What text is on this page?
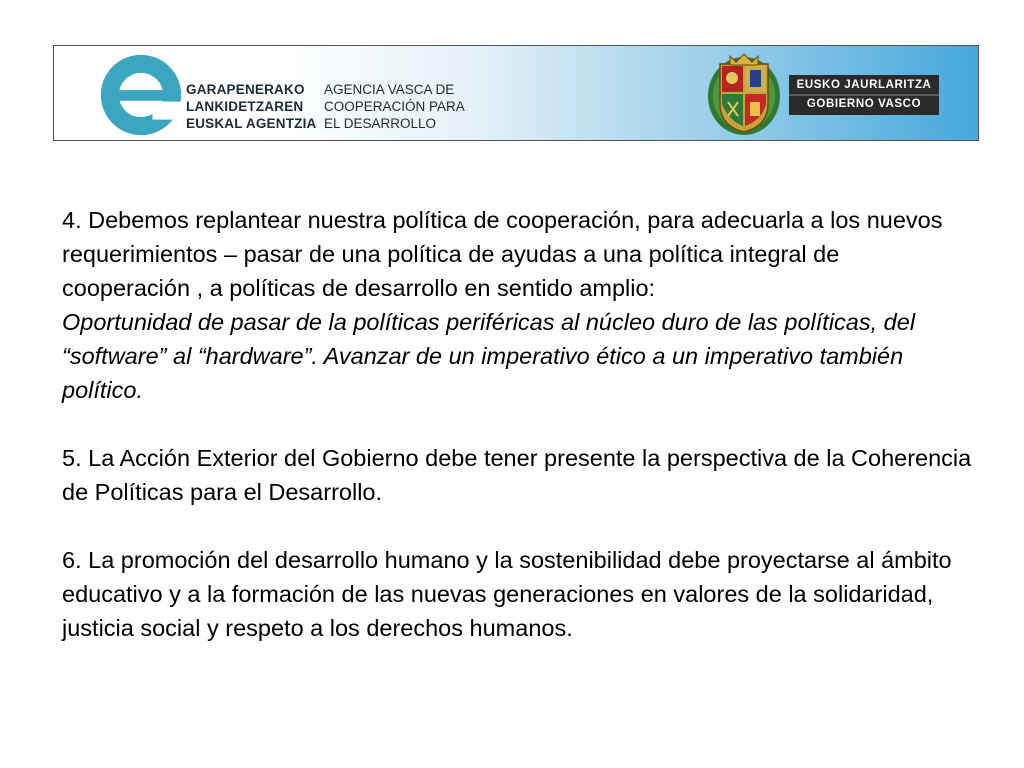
GARAPENERAKO
LANKIDETZAREN
EUSKAL AGENTZIA
AGENCIA VASCA DE
COOPERACIÓN PARA
EL DESARROLLO
EUSKO JAURLARITZA
GOBIERNO VASCO

4. Debemos replantear nuestra política de cooperación, para adecuarla a los nuevos requerimientos – pasar de una política de ayudas a una política integral de cooperación , a políticas de desarrollo en sentido amplio:

Oportunidad de pasar de la políticas periféricas al núcleo duro de las políticas, del “software” al “hardware”. Avanzar de un imperativo ético a un imperativo también político.

5. La Acción Exterior del Gobierno debe tener presente la perspectiva de la Coherencia de Políticas para el Desarrollo.

6. La promoción del desarrollo humano y la sostenibilidad debe proyectarse al ámbito educativo y a la formación de las nuevas generaciones en valores de la solidaridad, justicia social y respeto a los derechos humanos.
